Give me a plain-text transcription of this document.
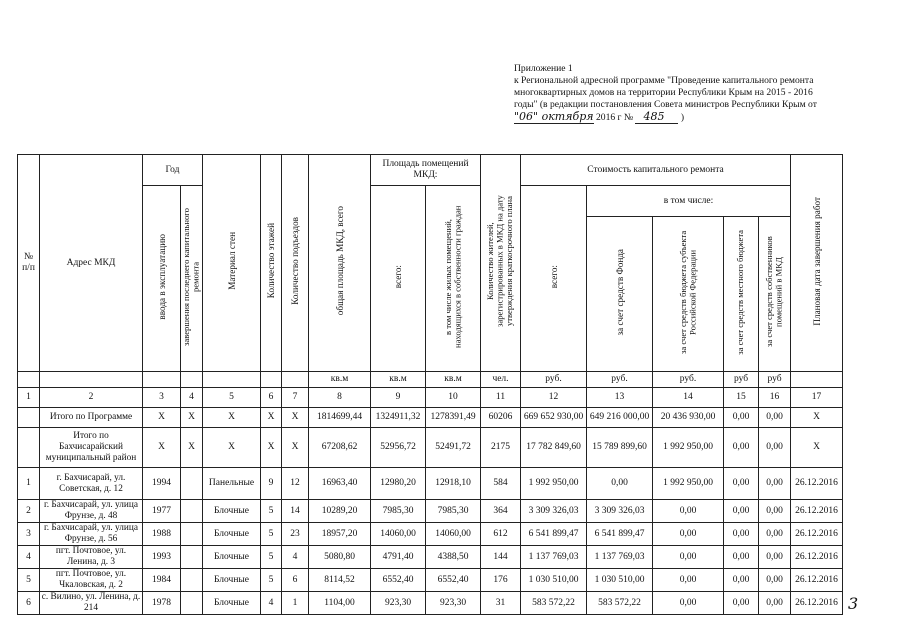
Приложение 1
к Региональной адресной программе "Проведение капитального ремонта
многоквартирных домов на территории Республики Крым на 2015 - 2016
годы" (в редакции постановления Совета министров Республики Крым от
"06" октября 2016 г № 485 )
№ п/п	Адрес МКД	Год		Материал стен	Количество этажей	Количество подъездов	общая площадь МКД, всего	Площадь помещений МКД:		Количество жителей, зарегистрированных в МКД на дату утверждения краткосрочного плана	Стоимость капитального ремонта					Плановая дата завершения работ
		ввода в эксплуатацию	завершения последнего капитального ремонта					всего:	в том числе жилых помещений, находящихся в собственности граждан		всего:	в том числе:				
												за счет средств Фонда	за счет средств бюджета субъекта Российской Федерации	за счет средств местного бюджета	за счет средств собственников помещений в МКД	
							кв.м	кв.м	кв.м	чел.	руб.	руб.	руб.	руб	руб	
1	2	3	4	5	6	7	8	9	10	11	12	13	14	15	16	17
	Итого по Программе	X	X	X	X	X	1814699,44	1324911,32	1278391,49	60206	669 652 930,00	649 216 000,00	20 436 930,00	0,00	0,00	X
	Итого по Бахчисарайский муниципальный район	X	X	X	X	X	67208,62	52956,72	52491,72	2175	17 782 849,60	15 789 899,60	1 992 950,00	0,00	0,00	X
1	г. Бахчисарай, ул. Советская, д. 12	1994		Панельные	9	12	16963,40	12980,20	12918,10	584	1 992 950,00	0,00	1 992 950,00	0,00	0,00	26.12.2016
2	г. Бахчисарай, ул. улица Фрунзе, д. 48	1977		Блочные	5	14	10289,20	7985,30	7985,30	364	3 309 326,03	3 309 326,03	0,00	0,00	0,00	26.12.2016
3	г. Бахчисарай, ул. улица Фрунзе, д. 56	1988		Блочные	5	23	18957,20	14060,00	14060,00	612	6 541 899,47	6 541 899,47	0,00	0,00	0,00	26.12.2016
4	пгт. Почтовое, ул. Ленина, д. 3	1993		Блочные	5	4	5080,80	4791,40	4388,50	144	1 137 769,03	1 137 769,03	0,00	0,00	0,00	26.12.2016
5	пгт. Почтовое, ул. Чкаловская, д. 2	1984		Блочные	5	6	8114,52	6552,40	6552,40	176	1 030 510,00	1 030 510,00	0,00	0,00	0,00	26.12.2016
6	с. Вилино, ул. Ленина, д. 214	1978		Блочные	4	1	1104,00	923,30	923,30	31	583 572,22	583 572,22	0,00	0,00	0,00	26.12.2016 3
